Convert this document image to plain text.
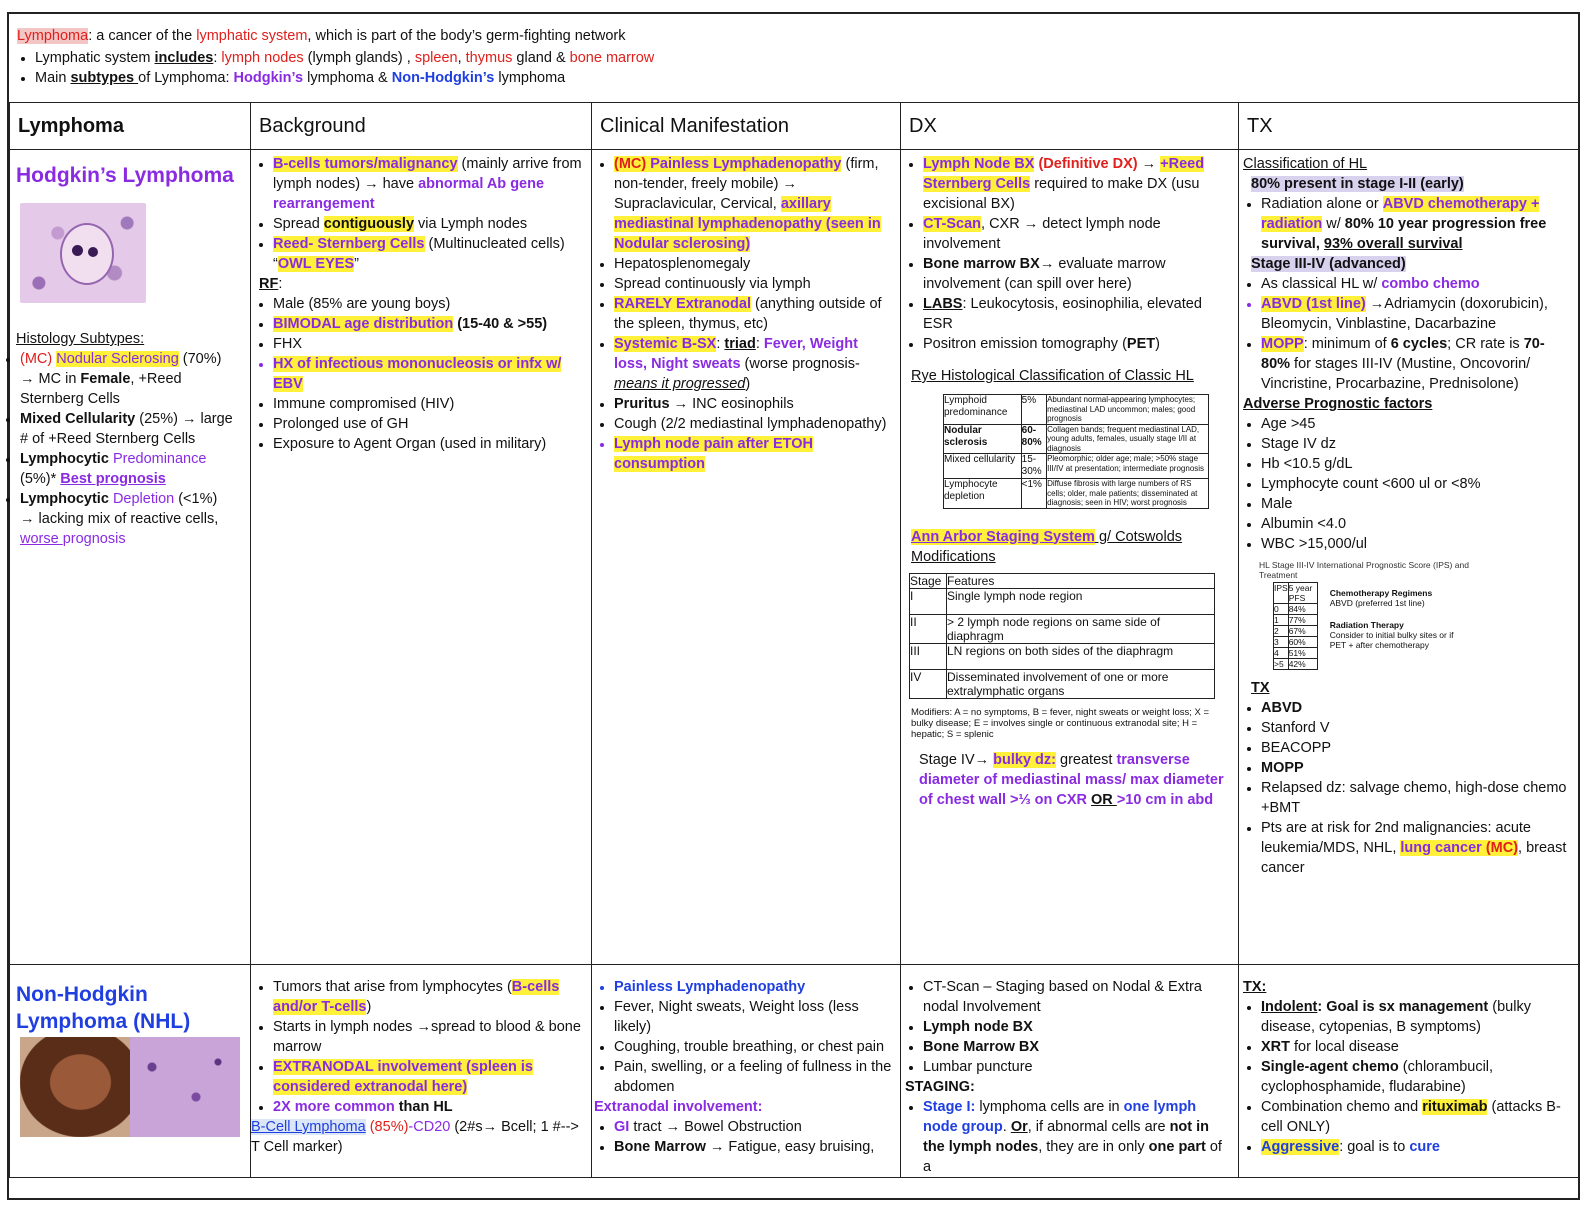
Lymphoma: a cancer of the lymphatic system, which is part of the body’s germ-fighting network
• Lymphatic system includes: lymph nodes (lymph glands) , spleen, thymus gland & bone marrow
• Main subtypes of Lymphoma: Hodgkin’s lymphoma & Non-Hodgkin’s lymphoma
Lymphoma	Background	Clinical Manifestation	DX	TX

Hodgkin’s Lymphoma
Histology Subtypes:
• (MC) Nodular Sclerosing (70%)
→ MC in Female, +Reed Sternberg Cells
• Mixed Cellularity (25%) → large # of +Reed Sternberg Cells
• Lymphocytic Predominance
(5%)* Best prognosis
• Lymphocytic Depletion (<1%)
→ lacking mix of reactive cells,
worse prognosis

• B-cells tumors/malignancy (mainly arrive from lymph nodes) → have abnormal Ab gene rearrangement
• Spread contiguously via Lymph nodes
• Reed- Sternberg Cells (Multinucleated cells)
“OWL EYES”
RF:
• Male (85% are young boys)
• BIMODAL age distribution (15-40 & >55)
• FHX
• HX of infectious mononucleosis or infx w/ EBV
• Immune compromised (HIV)
• Prolonged use of GH
• Exposure to Agent Organ (used in military)

• (MC) Painless Lymphadenopathy (firm, non-tender, freely mobile) → Supraclavicular, Cervical, axillary mediastinal lymphadenopathy (seen in Nodular sclerosing)
• Hepatosplenomegaly
• Spread continuously via lymph
• RARELY Extranodal (anything outside of the spleen, thymus, etc)
• Systemic B-SX: triad: Fever, Weight loss, Night sweats (worse prognosis-means it progressed)
• Pruritus → INC eosinophils
• Cough (2/2 mediastinal lymphadenopathy)
• Lymph node pain after ETOH consumption

• Lymph Node BX (Definitive DX) → +Reed Sternberg Cells required to make DX (usu excisional BX)
• CT-Scan, CXR → detect lymph node involvement
• Bone marrow BX→ evaluate marrow involvement (can spill over here)
• LABS: Leukocytosis, eosinophilia, elevated ESR
• Positron emission tomography (PET)
Rye Histological Classification of Classic HL
Lymphoid predominance	5%	Abundant normal-appearing lymphocytes; mediastinal LAD uncommon; males; good prognosis
Nodular sclerosis	60-80%	Collagen bands; frequent mediastinal LAD, young adults, females, usually stage I/II at diagnosis
Mixed cellularity	15-30%	Pleomorphic; older age; male; >50% stage III/IV at presentation; intermediate prognosis
Lymphocyte depletion	<1%	Diffuse fibrosis with large numbers of RS cells; older, male patients; disseminated at diagnosis; seen in HIV; worst prognosis
Ann Arbor Staging System g/ Cotswolds Modifications
Stage	Features
I	Single lymph node region
II	> 2 lymph node regions on same side of diaphragm
III	LN regions on both sides of the diaphragm
IV	Disseminated involvement of one or more extralymphatic organs
Modifiers: A = no symptoms, B = fever, night sweats or weight loss; X = bulky disease; E = involves single or continuous extranodal site; H = hepatic; S = splenic
Stage IV→ bulky dz: greatest transverse diameter of mediastinal mass/ max diameter of chest wall >⅓ on CXR OR >10 cm in abd

Classification of HL
80% present in stage I-II (early)
• Radiation alone or ABVD chemotherapy + radiation w/ 80% 10 year progression free survival, 93% overall survival
Stage III-IV (advanced)
• As classical HL w/ combo chemo
• ABVD (1st line) →Adriamycin (doxorubicin), Bleomycin, Vinblastine, Dacarbazine
• MOPP: minimum of 6 cycles; CR rate is 70-80% for stages III-IV (Mustine, Oncovorin/ Vincristine, Procarbazine, Prednisolone)
Adverse Prognostic factors
• Age >45
• Stage IV dz
• Hb <10.5 g/dL
• Lymphocyte count <600 ul or <8%
• Male
• Albumin <4.0
• WBC >15,000/ul
HL Stage III-IV International Prognostic Score (IPS) and Treatment
IPS	5 year PFS
0	84%
1	77%
2	67%
3	60%
4	51%
>5	42%
Chemotherapy Regimens
ABVD (preferred 1st line)
Radiation Therapy
Consider to initial bulky sites or if PET + after chemotherapy
TX
• ABVD
• Stanford V
• BEACOPP
• MOPP
• Relapsed dz: salvage chemo, high-dose chemo +BMT
• Pts are at risk for 2nd malignancies: acute leukemia/MDS, NHL, lung cancer (MC), breast cancer

Non-Hodgkin Lymphoma (NHL)

• Tumors that arise from lymphocytes (B-cells and/or T-cells)
• Starts in lymph nodes →spread to blood & bone marrow
• EXTRANODAL involvement (spleen is considered extranodal here)
• 2X more common than HL
B-Cell Lymphoma (85%)-CD20 (2#s→ Bcell; 1 #--> T Cell marker)

• Painless Lymphadenopathy
• Fever, Night sweats, Weight loss (less likely)
• Coughing, trouble breathing, or chest pain
• Pain, swelling, or a feeling of fullness in the abdomen
Extranodal involvement:
• GI tract → Bowel Obstruction
• Bone Marrow → Fatigue, easy bruising,

• CT-Scan – Staging based on Nodal & Extra nodal Involvement
• Lymph node BX
• Bone Marrow BX
• Lumbar puncture
STAGING:
• Stage I: lymphoma cells are in one lymph node group. Or, if abnormal cells are not in the lymph nodes, they are in only one part of a

TX:
• Indolent: Goal is sx management (bulky disease, cytopenias, B symptoms)
• XRT for local disease
• Single-agent chemo (chlorambucil, cyclophosphamide, fludarabine)
• Combination chemo and rituximab (attacks B-cell ONLY)
• Aggressive: goal is to cure
